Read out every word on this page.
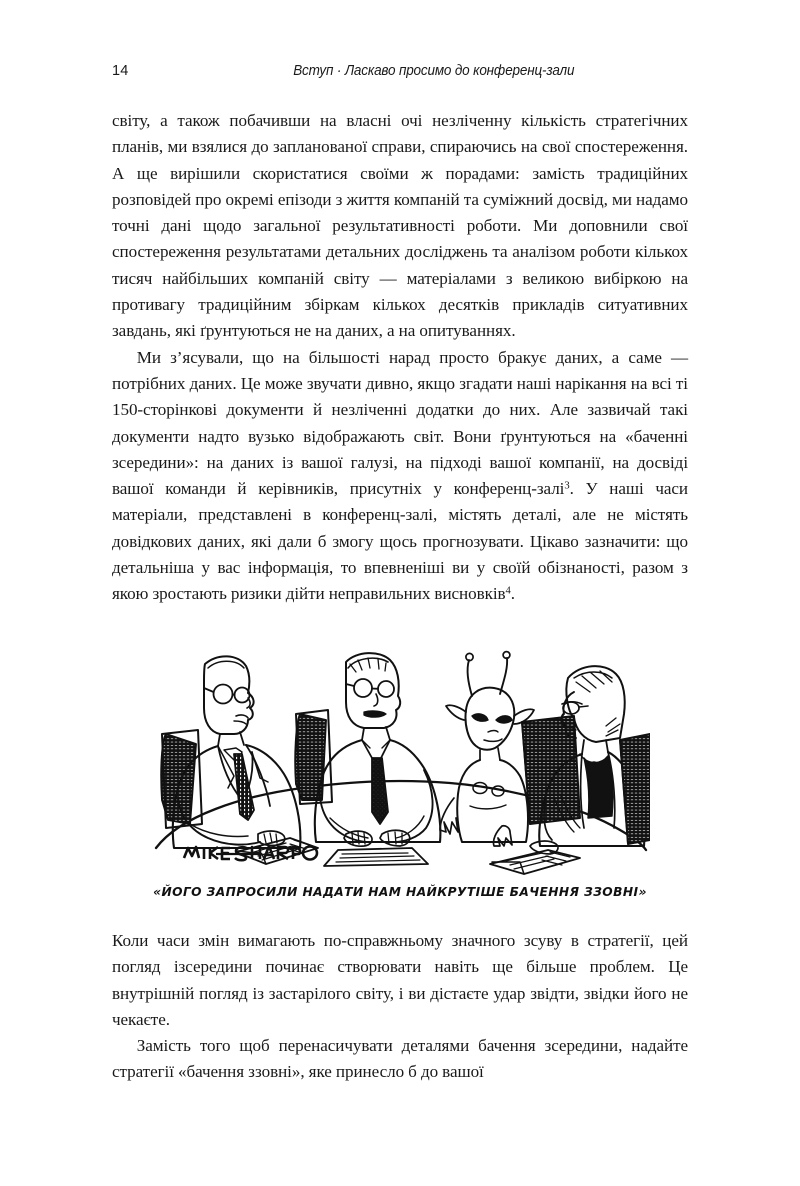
14	Вступ · Ласкаво просимо до конференц-зали

світу, а також побачивши на власні очі незліченну кількість стратегічних планів, ми взялися до запланованої справи, спираючись на свої спостереження. А ще вирішили скористатися своїми ж порадами: замість традиційних розповідей про окремі епізоди з життя компаній та суміжний досвід, ми надамо точні дані щодо загальної результативності роботи. Ми доповнили свої спостереження результатами детальних досліджень та аналізом роботи кількох тисяч найбільших компаній світу — матеріалами з великою вибіркою на противагу традиційним збіркам кількох десятків прикладів ситуативних завдань, які ґрунтуються не на даних, а на опитуваннях.

Ми з’ясували, що на більшості нарад просто бракує даних, а саме — потрібних даних. Це може звучати дивно, якщо згадати наші нарікання на всі ті 150-сторінкові документи й незліченні додатки до них. Але зазвичай такі документи надто вузько відображають світ. Вони ґрунтуються на «баченні зсередини»: на даних із вашої галузі, на підході вашої компанії, на досвіді вашої команди й керівників, присутніх у конференц-залі$^3$. У наші часи матеріали, представлені в конференц-залі, містять деталі, але не містять довідкових даних, які дали б змогу щось прогнозувати. Цікаво зазначити: що детальніша у вас інформація, то впевненіші ви у своїй обізнаності, разом з якою зростають ризики дійти неправильних висновків$^4$.

«ЙОГО ЗАПРОСИЛИ НАДАТИ НАМ НАЙКРУТІШЕ БАЧЕННЯ ЗЗОВНІ»

Коли часи змін вимагають по-справжньому значного зсуву в стратегії, цей погляд ізсередини починає створювати навіть ще більше проблем. Це внутрішній погляд із застарілого світу, і ви дістаєте удар звідти, звідки його не чекаєте.

Замість того щоб перенасичувати деталями бачення зсередини, надайте стратегії «бачення ззовні», яке принесло б до вашої
